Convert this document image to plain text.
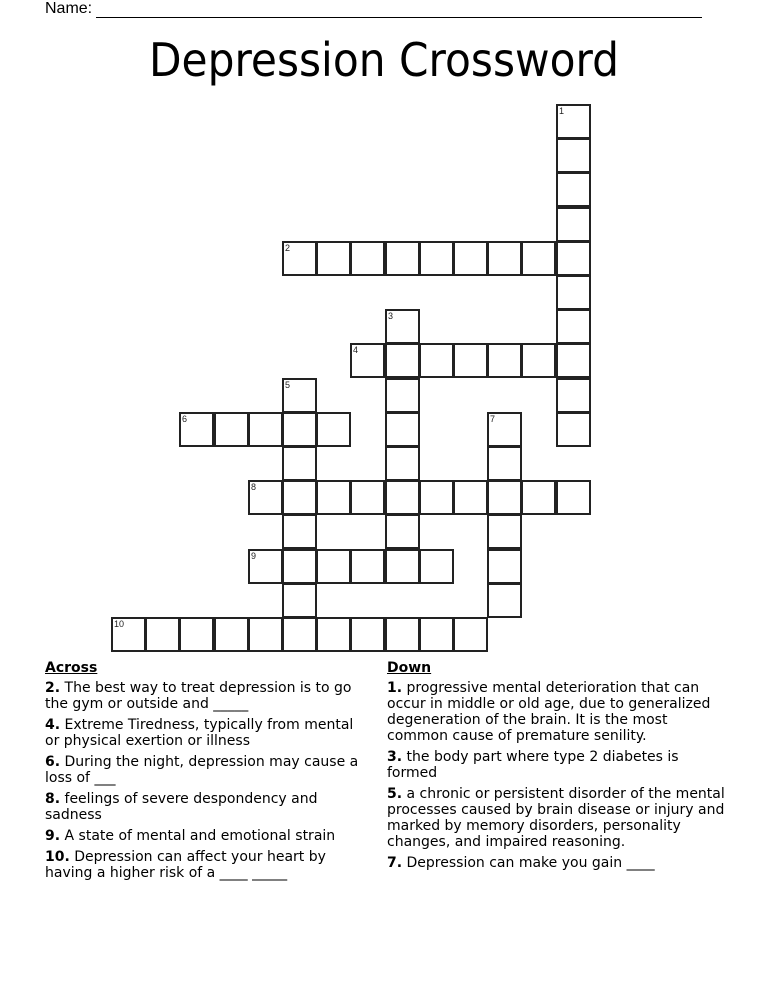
Name:
Depression Crossword
1
2
3
4
5
6	7
8
9
10
Across
2. The best way to treat depression is to go the gym or outside and _____
4. Extreme Tiredness, typically from mental or physical exertion or illness
6. During the night, depression may cause a loss of ___
8. feelings of severe despondency and sadness
9. A state of mental and emotional strain
10. Depression can affect your heart by having a higher risk of a ____ _____
Down
1. progressive mental deterioration that can occur in middle or old age, due to generalized degeneration of the brain. It is the most common cause of premature senility.
3. the body part where type 2 diabetes is formed
5. a chronic or persistent disorder of the mental processes caused by brain disease or injury and marked by memory disorders, personality changes, and impaired reasoning.
7. Depression can make you gain ____
